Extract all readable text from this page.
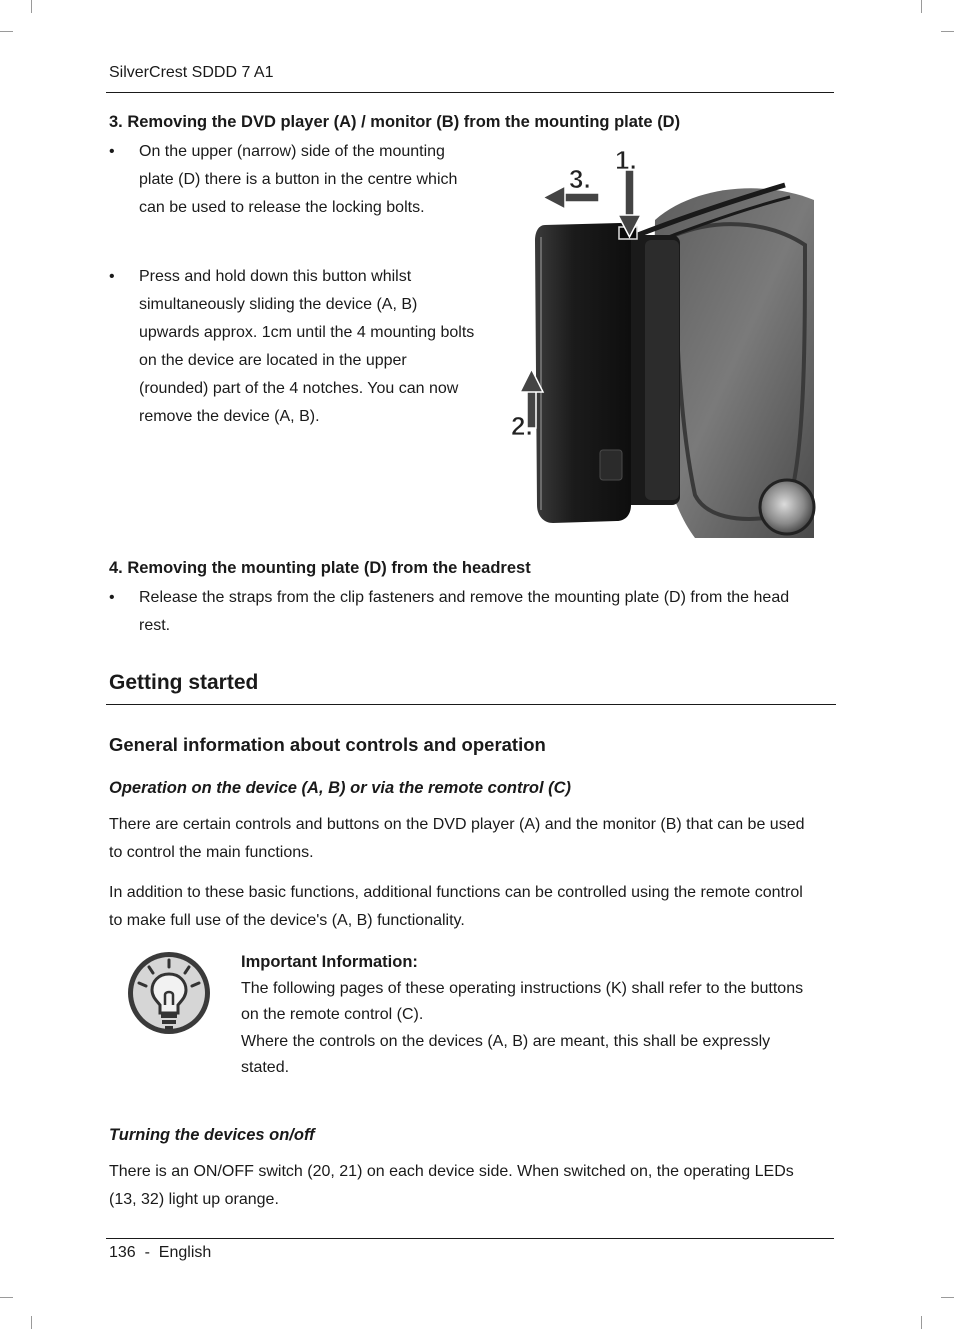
SilverCrest SDDD 7 A1
3. Removing the DVD player (A) / monitor (B) from the mounting plate (D)
•	On the upper (narrow) side of the mounting
plate (D) there is a button in the centre which
can be used to release the locking bolts.
•	Press and hold down this button whilst
simultaneously sliding the device (A, B)
upwards approx. 1cm until the 4 mounting bolts
on the device are located in the upper
(rounded) part of the 4 notches. You can now
remove the device (A, B).
1.
3.
2.
4. Removing the mounting plate (D) from the headrest
•	Release the straps from the clip fasteners and remove the mounting plate (D) from the head
rest.
Getting started
General information about controls and operation
Operation on the device (A, B) or via the remote control (C)
There are certain controls and buttons on the DVD player (A) and the monitor (B) that can be used
to control the main functions.
In addition to these basic functions, additional functions can be controlled using the remote control
to make full use of the device's (A, B) functionality.
Important Information:
The following pages of these operating instructions (K) shall refer to the buttons
on the remote control (C).
Where the controls on the devices (A, B) are meant, this shall be expressly
stated.
Turning the devices on/off
There is an ON/OFF switch (20, 21) on each device side. When switched on, the operating LEDs
(13, 32) light up orange.
136  -  English
